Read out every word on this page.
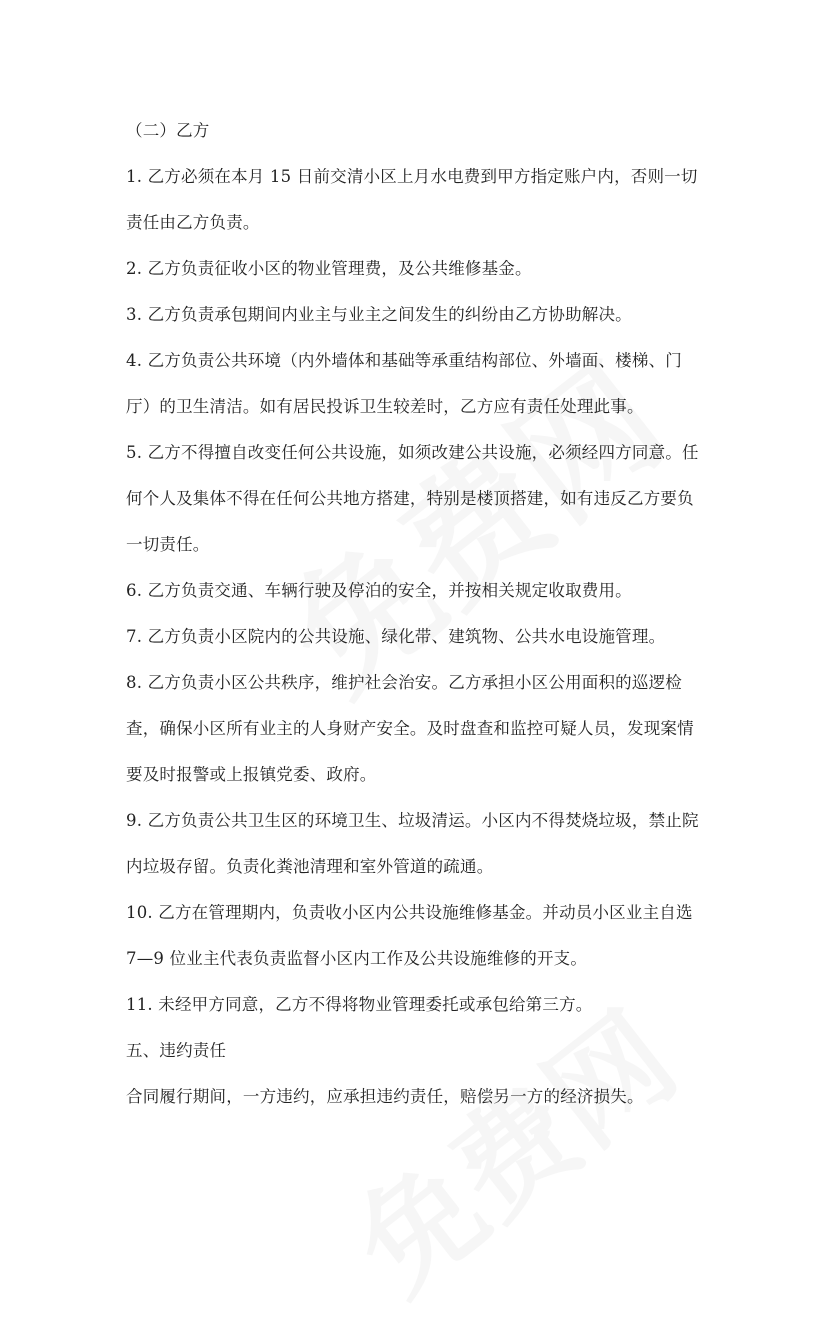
（二）乙方
1. 乙方必须在本月 15 日前交清小区上月水电费到甲方指定账户内，否则一切
责任由乙方负责。
2. 乙方负责征收小区的物业管理费，及公共维修基金。
3. 乙方负责承包期间内业主与业主之间发生的纠纷由乙方协助解决。
4. 乙方负责公共环境（内外墙体和基础等承重结构部位、外墙面、楼梯、门
厅）的卫生清洁。如有居民投诉卫生较差时，乙方应有责任处理此事。
5. 乙方不得擅自改变任何公共设施，如须改建公共设施，必须经四方同意。任
何个人及集体不得在任何公共地方搭建，特别是楼顶搭建，如有违反乙方要负
一切责任。
6. 乙方负责交通、车辆行驶及停泊的安全，并按相关规定收取费用。
7. 乙方负责小区院内的公共设施、绿化带、建筑物、公共水电设施管理。
8. 乙方负责小区公共秩序，维护社会治安。乙方承担小区公用面积的巡逻检
查，确保小区所有业主的人身财产安全。及时盘查和监控可疑人员，发现案情
要及时报警或上报镇党委、政府。
9. 乙方负责公共卫生区的环境卫生、垃圾清运。小区内不得焚烧垃圾，禁止院
内垃圾存留。负责化粪池清理和室外管道的疏通。
10. 乙方在管理期内，负责收小区内公共设施维修基金。并动员小区业主自选
7—9 位业主代表负责监督小区内工作及公共设施维修的开支。
11. 未经甲方同意，乙方不得将物业管理委托或承包给第三方。
五、违约责任
合同履行期间，一方违约，应承担违约责任，赔偿另一方的经济损失。
